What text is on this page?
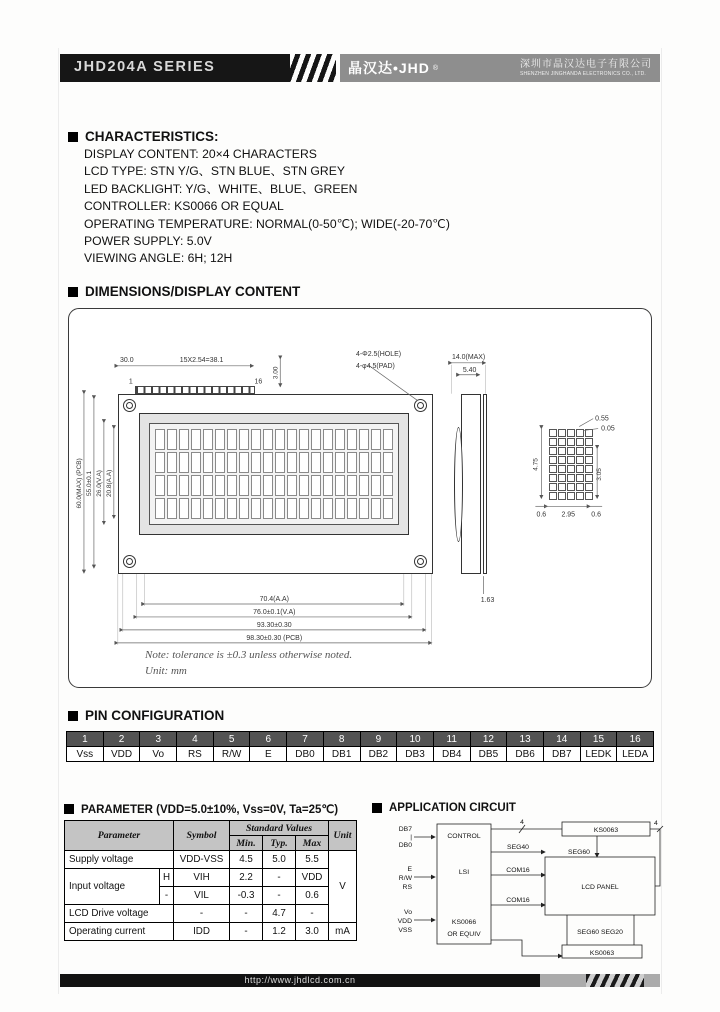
JHD204A SERIES	晶汉达•JHD ®	深圳市晶汉达电子有限公司
SHENZHEN JINGHANDA ELECTRONICS CO., LTD.
CHARACTERISTICS:
DISPLAY CONTENT: 20×4 CHARACTERS
LCD TYPE: STN Y/G、STN BLUE、STN GREY
LED BACKLIGHT: Y/G、WHITE、BLUE、GREEN
CONTROLLER: KS0066 OR EQUAL
OPERATING TEMPERATURE: NORMAL(0-50℃); WIDE(-20-70℃)
POWER SUPPLY: 5.0V
VIEWING ANGLE: 6H; 12H
DIMENSIONS/DISPLAY CONTENT
Note: tolerance is ±0.3 unless otherwise noted.
Unit: mm
30.0	15X2.54=38.1
3.00
4-Φ2.5(HOLE)
4-φ4.5(PAD)
1	16
60.0(MAX) (PCB) 55.0±0.1 26.0(V.A) 20.8(A.A)
70.4(A.A)
76.0±0.1(V.A)
93.30±0.30
98.30±0.30 (PCB)
14.0(MAX)
5.40
1.63
0.55
0.05
4.75
3.05
0.6 2.95 0.6
PIN CONFIGURATION
1	2	3	4	5	6	7	8	9	10	11	12	13	14	15	16
Vss	VDD	Vo	RS	R/W	E	DB0	DB1	DB2	DB3	DB4	DB5	DB6	DB7	LEDK	LEDA
PARAMETER (VDD=5.0±10%, Vss=0V, Ta=25℃)
Parameter		Symbol	Standard Values			Unit
			Min.	Typ.	Max	
Supply voltage		VDD-VSS	4.5	5.0	5.5	V
Input voltage	H	VIH	2.2	-	VDD	
	-	VIL	-0.3	-	0.6	
LCD Drive voltage		-	-	4.7	-	
Operating current		IDD	-	1.2	3.0	mA
APPLICATION CIRCUIT
DB7
|
DB0
E
R/W
RS
Vo
VDD
VSS
CONTROL
LSI
KS0066
OR EQUIV
4	4
KS0063
SEG40
SEG60
COM16
COM16
LCD PANEL
SEG60 SEG20
KS0063
http://www.jhdlcd.com.cn
